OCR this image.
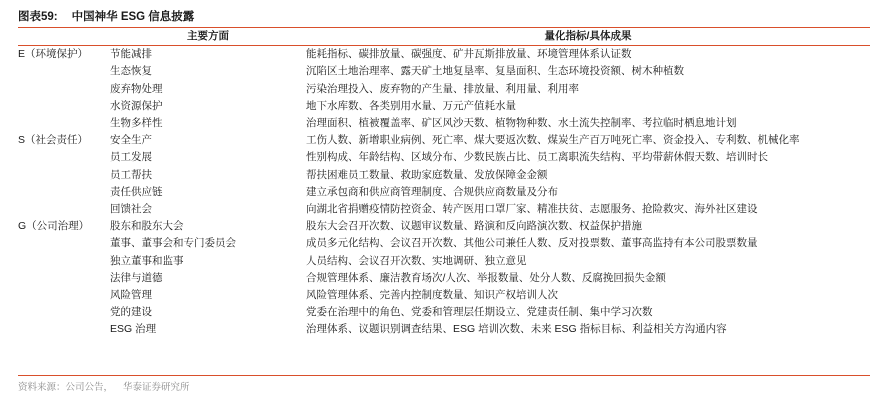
图表59: 中国神华 ESG 信息披露
	主要方面	量化指标/具体成果
E（环境保护）	节能减排	能耗指标、碳排放量、碳强度、矿井瓦斯排放量、环境管理体系认证数
	生态恢复	沉陷区土地治理率、露天矿土地复垦率、复垦面积、生态环境投资额、树木种植数
	废弃物处理	污染治理投入、废弃物的产生量、排放量、利用量、利用率
	水资源保护	地下水库数、各类别用水量、万元产值耗水量
	生物多样性	治理面积、植被覆盖率、矿区风沙天数、植物物种数、水土流失控制率、考拉临时栖息地计划
S（社会责任）	安全生产	工伤人数、新增职业病例、死亡率、煤大要返次数、煤炭生产百万吨死亡率、资金投入、专利数、机械化率
	员工发展	性别构成、年龄结构、区域分布、少数民族占比、员工离职流失结构、平均带薪休假天数、培训时长
	员工帮扶	帮扶困难员工数量、救助家庭数量、发放保障金金额
	责任供应链	建立承包商和供应商管理制度、合规供应商数量及分布
	回馈社会	向湖北省捐赠疫情防控资金、转产医用口罩厂家、精准扶贫、志愿服务、抢险救灾、海外社区建设
G（公司治理）	股东和股东大会	股东大会召开次数、议题审议数量、路演和反向路演次数、权益保护措施
	董事、董事会和专门委员会	成员多元化结构、会议召开次数、其他公司兼任人数、反对投票数、董事高监持有本公司股票数量
	独立董事和监事	人员结构、会议召开次数、实地调研、独立意见
	法律与道德	合规管理体系、廉洁教育场次/人次、举报数量、处分人数、反腐挽回损失金额
	风险管理	风险管理体系、完善内控制度数量、知识产权培训人次
	党的建设	党委在治理中的角色、党委和管理层任期设立、党建责任制、集中学习次数
	ESG 治理	治理体系、议题识别调查结果、ESG 培训次数、未来 ESG 指标目标、利益相关方沟通内容
资料来源：公司公告， 华泰证券研究所
